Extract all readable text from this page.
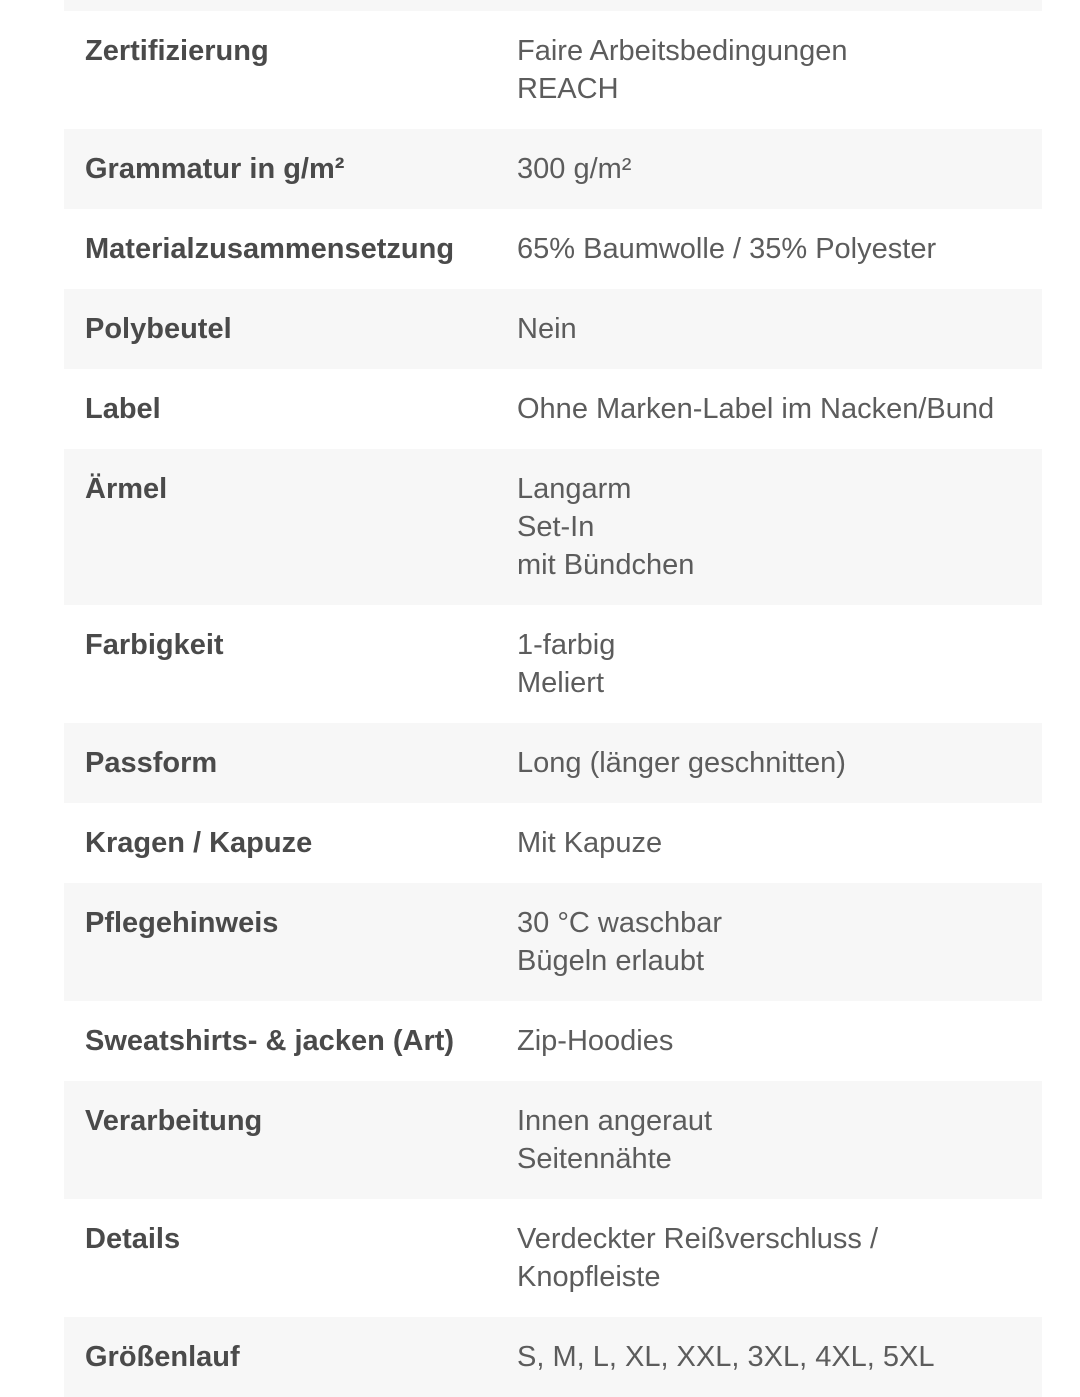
Zertifizierung	Faire Arbeitsbedingungen
REACH
Grammatur in g/m²	300 g/m²
Materialzusammensetzung	65% Baumwolle / 35% Polyester
Polybeutel	Nein
Label	Ohne Marken-Label im Nacken/Bund
Ärmel	Langarm
Set-In
mit Bündchen
Farbigkeit	1-farbig
Meliert
Passform	Long (länger geschnitten)
Kragen / Kapuze	Mit Kapuze
Pflegehinweis	30 °C waschbar
Bügeln erlaubt
Sweatshirts- & jacken (Art)	Zip-Hoodies
Verarbeitung	Innen angeraut
Seitennähte
Details	Verdeckter Reißverschluss /
Knopfleiste
Größenlauf	S, M, L, XL, XXL, 3XL, 4XL, 5XL
